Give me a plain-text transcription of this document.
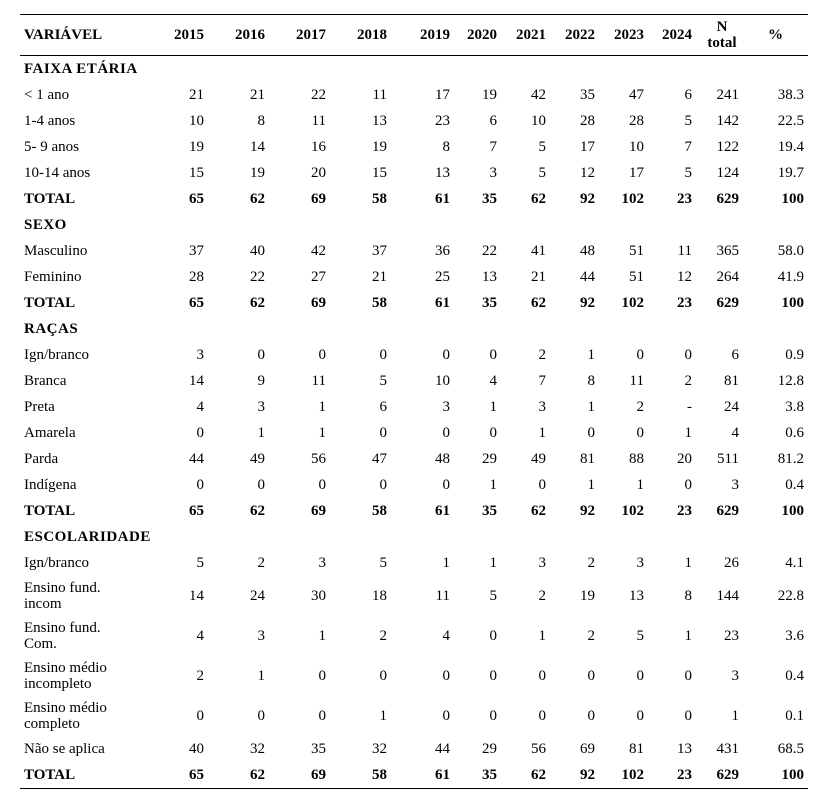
VARIÁVEL	2015	2016	2017	2018	2019	2020	2021	2022	2023	2024	N
total	%
FAIXA ETÁRIA												
< 1 ano	21	21	22	11	17	19	42	35	47	6	241	38.3
1-4 anos	10	8	11	13	23	6	10	28	28	5	142	22.5
5- 9 anos	19	14	16	19	8	7	5	17	10	7	122	19.4
10-14 anos	15	19	20	15	13	3	5	12	17	5	124	19.7
TOTAL	65	62	69	58	61	35	62	92	102	23	629	100
SEXO												
Masculino	37	40	42	37	36	22	41	48	51	11	365	58.0
Feminino	28	22	27	21	25	13	21	44	51	12	264	41.9
TOTAL	65	62	69	58	61	35	62	92	102	23	629	100
RAÇAS												
Ign/branco	3	0	0	0	0	0	2	1	0	0	6	0.9
Branca	14	9	11	5	10	4	7	8	11	2	81	12.8
Preta	4	3	1	6	3	1	3	1	2	-	24	3.8
Amarela	0	1	1	0	0	0	1	0	0	1	4	0.6
Parda	44	49	56	47	48	29	49	81	88	20	511	81.2
Indígena	0	0	0	0	0	1	0	1	1	0	3	0.4
TOTAL	65	62	69	58	61	35	62	92	102	23	629	100
ESCOLARIDADE												
Ign/branco	5	2	3	5	1	1	3	2	3	1	26	4.1
Ensino fund.
incom	14	24	30	18	11	5	2	19	13	8	144	22.8
Ensino fund.
Com.	4	3	1	2	4	0	1	2	5	1	23	3.6
Ensino médio
incompleto	2	1	0	0	0	0	0	0	0	0	3	0.4
Ensino médio
completo	0	0	0	1	0	0	0	0	0	0	1	0.1
Não se aplica	40	32	35	32	44	29	56	69	81	13	431	68.5
TOTAL	65	62	69	58	61	35	62	92	102	23	629	100
